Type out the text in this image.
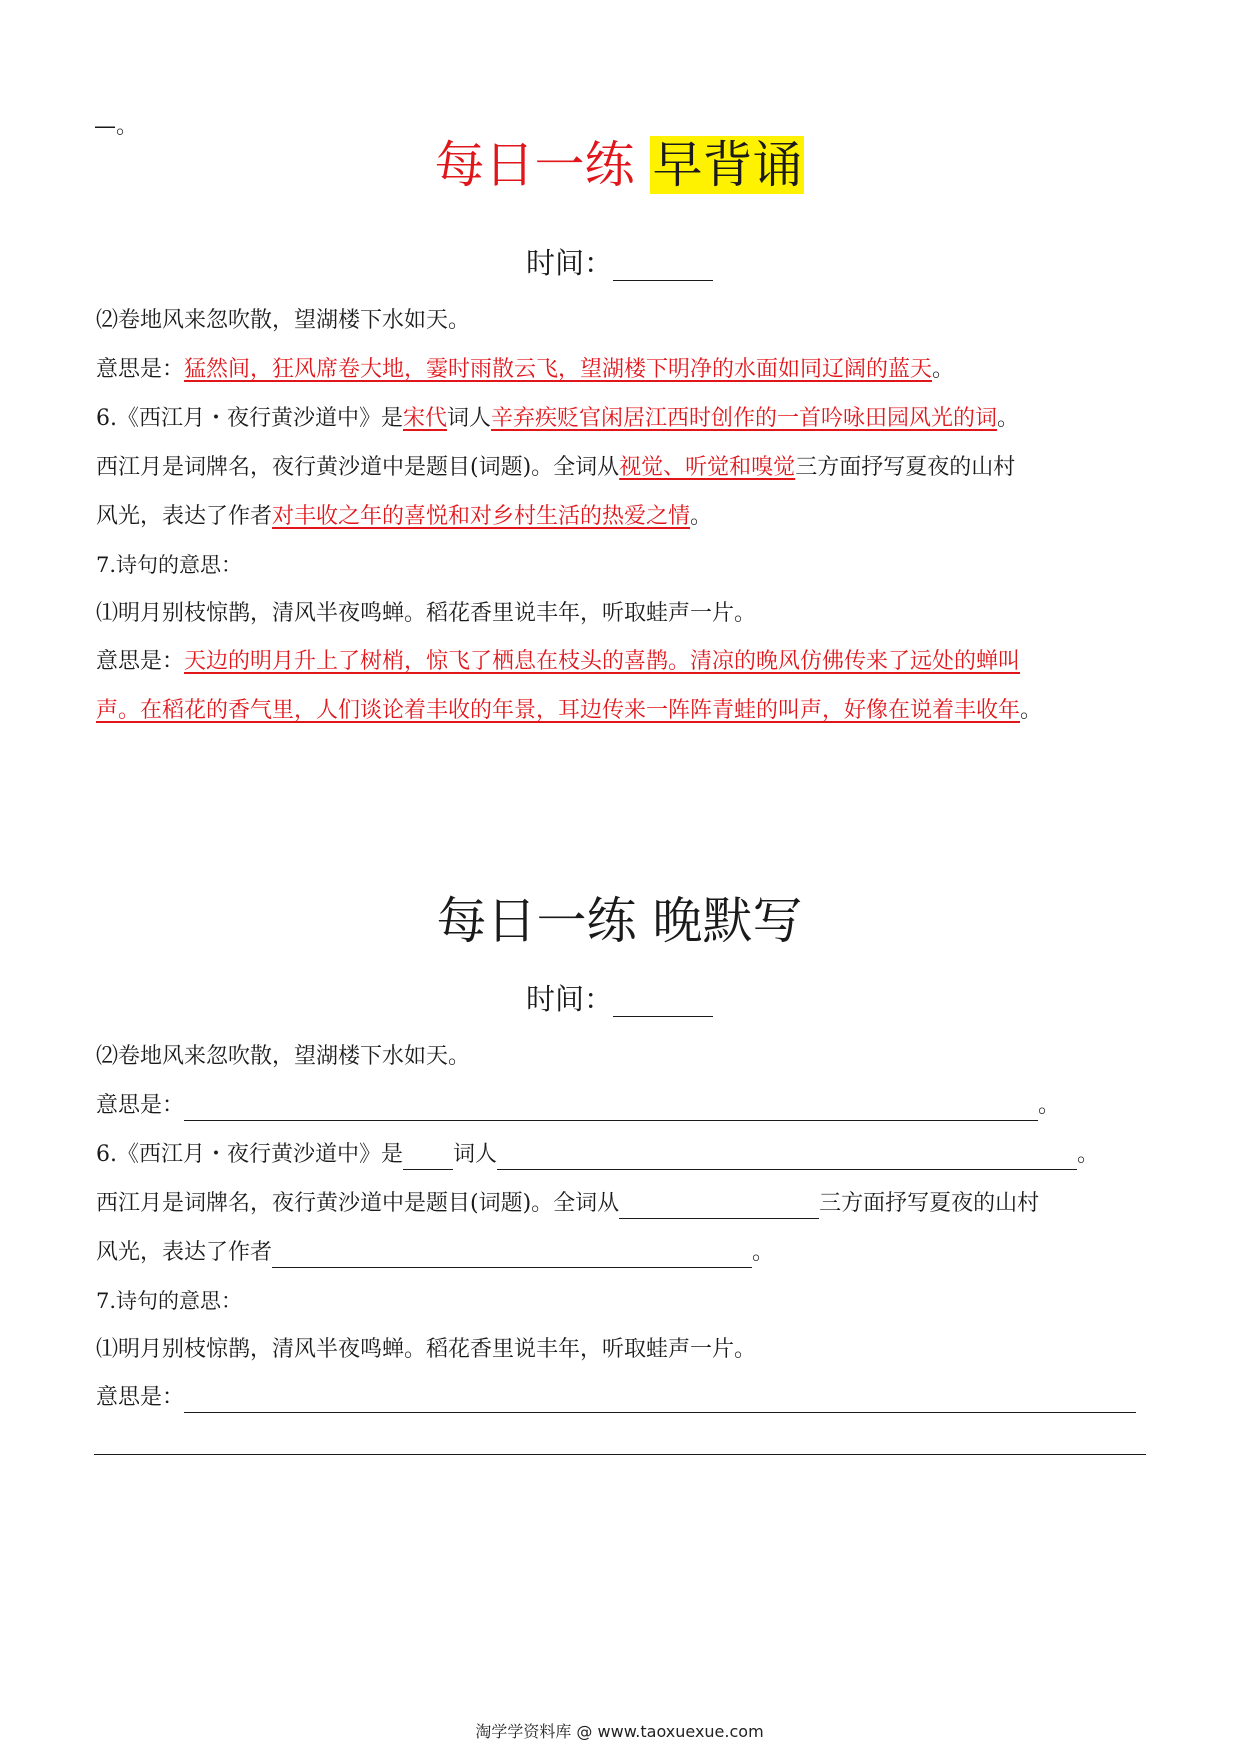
—。
每日一练 早背诵
时间：
⑵卷地风来忽吹散，望湖楼下水如天。
意思是：猛然间，狂风席卷大地，霎时雨散云飞，望湖楼下明净的水面如同辽阔的蓝天。
6.《西江月・夜行黄沙道中》是宋代词人辛弃疾贬官闲居江西时创作的一首吟咏田园风光的词。
西江月是词牌名，夜行黄沙道中是题目(词题)。全词从视觉、听觉和嗅觉三方面抒写夏夜的山村
风光，表达了作者对丰收之年的喜悦和对乡村生活的热爱之情。
7.诗句的意思：
⑴明月别枝惊鹊，清风半夜鸣蝉。稻花香里说丰年，听取蛙声一片。
意思是：天边的明月升上了树梢，惊飞了栖息在枝头的喜鹊。清凉的晚风仿佛传来了远处的蝉叫
声。在稻花的香气里，人们谈论着丰收的年景，耳边传来一阵阵青蛙的叫声，好像在说着丰收年。
每日一练 晚默写
时间：
⑵卷地风来忽吹散，望湖楼下水如天。
意思是：	。
6.《西江月・夜行黄沙道中》是 词人	。
西江月是词牌名，夜行黄沙道中是题目(词题)。全词从	三方面抒写夏夜的山村
风光，表达了作者	。
7.诗句的意思：
⑴明月别枝惊鹊，清风半夜鸣蝉。稻花香里说丰年，听取蛙声一片。
意思是：
淘学学资料库 @ www.taoxuexue.com
